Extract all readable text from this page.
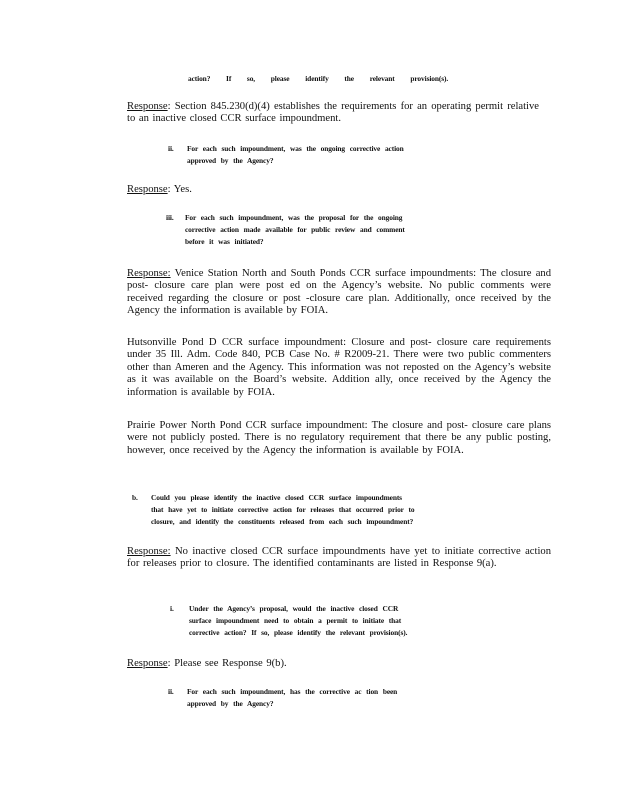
action? If so, please identify the relevant provision(s).
Response: Section 845.230(d)(4) establishes the requirements for an operating permit relative to an inactive closed CCR surface impoundment.
ii. For each such impoundment, was the ongoing corrective action
approved by the Agency?
Response: Yes.
iii. For each such impoundment, was the proposal for the ongoing
corrective action made available for public review and comment
before it was initiated?
Response: Venice Station North and South Ponds CCR surface impoundments: The closure and post- closure care plan were post ed on the Agency’s website. No public comments were received regarding the closure or post -closure care plan. Additionally, once received by the Agency the information is available by FOIA.
Hutsonville Pond D CCR surface impoundment: Closure and post- closure care requirements under 35 Ill. Adm. Code 840, PCB Case No. # R2009-21. There were two public commenters other than Ameren and the Agency. This information was not reposted on the Agency’s website as it was available on the Board’s website. Addition ally, once received by the Agency the information is available by FOIA.
Prairie Power North Pond CCR surface impoundment: The closure and post- closure care plans were not publicly posted. There is no regulatory requirement that there be any public posting, however, once received by the Agency the information is available by FOIA.
b. Could you please identify the inactive closed CCR surface impoundments
that have yet to initiate corrective action for releases that occurred prior to
closure, and identify the constituents released from each such impoundment?
Response: No inactive closed CCR surface impoundments have yet to initiate corrective action for releases prior to closure. The identified contaminants are listed in Response 9(a).
i. Under the Agency’s proposal, would the inactive closed CCR
surface impoundment need to obtain a permit to initiate that
corrective action? If so, please identify the relevant provision(s).
Response: Please see Response 9(b).
ii. For each such impoundment, has the corrective ac tion been
approved by the Agency?
